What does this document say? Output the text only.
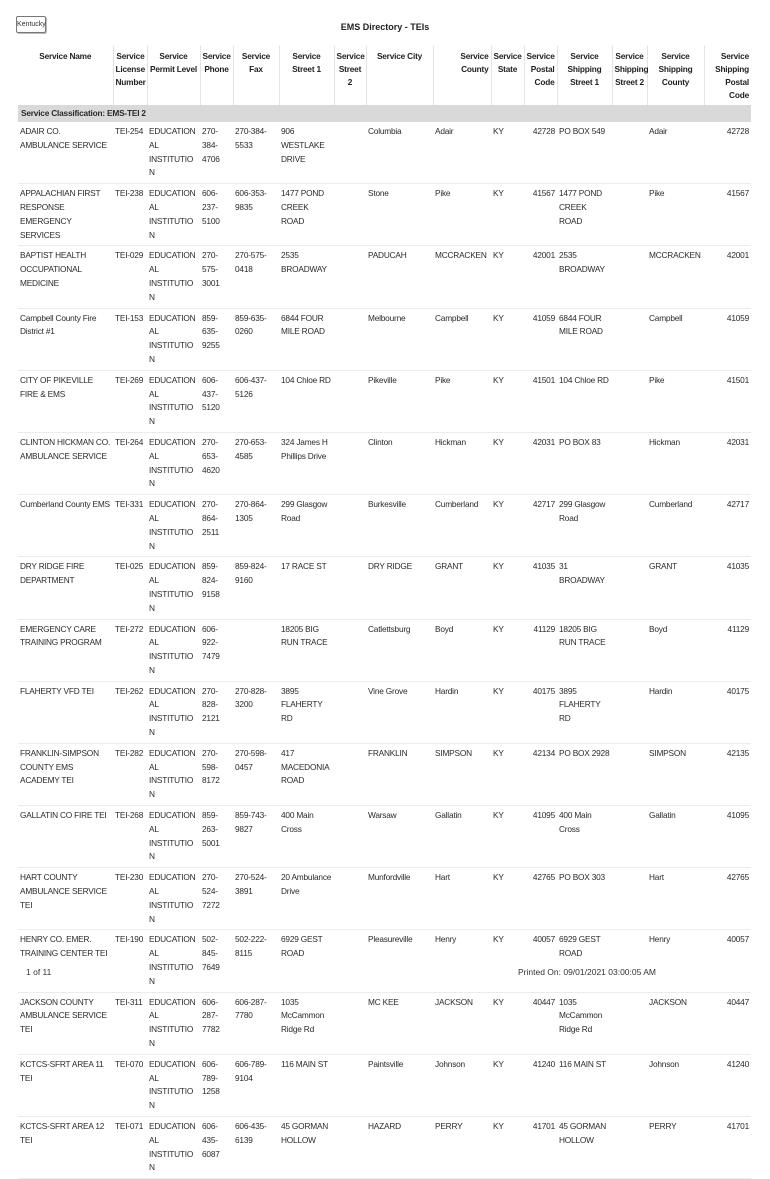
Kentucky	EMS Directory - TEIs
Service Name	Service License Number	Service Permit Level	Service Phone	Service Fax	Service Street 1	Service Street 2	Service City	Service County	Service State	Service Postal Code	Service Shipping Street 1	Service Shipping Street 2	Service Shipping County	Service Shipping Postal Code
Service Classification: EMS-TEI 2														
ADAIR CO. AMBULANCE SERVICE	TEI-254	EDUCATIONAL INSTITUTION	270-384-4706	270-384-5533	906 WESTLAKE DRIVE		Columbia	Adair	KY	42728	PO BOX 549		Adair	42728
APPALACHIAN FIRST RESPONSE EMERGENCY SERVICES	TEI-238	EDUCATIONAL INSTITUTION	606-237-5100	606-353-9835	1477 POND CREEK ROAD		Stone	Pike	KY	41567	1477 POND CREEK ROAD		Pike	41567
BAPTIST HEALTH OCCUPATIONAL MEDICINE	TEI-029	EDUCATIONAL INSTITUTION	270-575-3001	270-575-0418	2535 BROADWAY		PADUCAH	MCCRACKEN	KY	42001	2535 BROADWAY		MCCRACKEN	42001
Campbell County Fire District #1	TEI-153	EDUCATIONAL INSTITUTION	859-635-9255	859-635-0260	6844 FOUR MILE ROAD		Melbourne	Campbell	KY	41059	6844 FOUR MILE ROAD		Campbell	41059
CITY OF PIKEVILLE FIRE & EMS	TEI-269	EDUCATIONAL INSTITUTION	606-437-5120	606-437-5126	104 Chloe RD		Pikeville	Pike	KY	41501	104 Chloe RD		Pike	41501
CLINTON HICKMAN CO. AMBULANCE SERVICE	TEI-264	EDUCATIONAL INSTITUTION	270-653-4620	270-653-4585	324 James H Phillips Drive		Clinton	Hickman	KY	42031	PO BOX 83		Hickman	42031
Cumberland County EMS	TEI-331	EDUCATIONAL INSTITUTION	270-864-2511	270-864-1305	299 Glasgow Road		Burkesville	Cumberland	KY	42717	299 Glasgow Road		Cumberland	42717
DRY RIDGE FIRE DEPARTMENT	TEI-025	EDUCATIONAL INSTITUTION	859-824-9158	859-824-9160	17 RACE ST		DRY RIDGE	GRANT	KY	41035	31 BROADWAY		GRANT	41035
EMERGENCY CARE TRAINING PROGRAM	TEI-272	EDUCATIONAL INSTITUTION	606-922-7479		18205 BIG RUN TRACE		Catlettsburg	Boyd	KY	41129	18205 BIG RUN TRACE		Boyd	41129
FLAHERTY VFD TEI	TEI-262	EDUCATIONAL INSTITUTION	270-828-2121	270-828-3200	3895 FLAHERTY RD		Vine Grove	Hardin	KY	40175	3895 FLAHERTY RD		Hardin	40175
FRANKLIN-SIMPSON COUNTY EMS ACADEMY TEI	TEI-282	EDUCATIONAL INSTITUTION	270-598-8172	270-598-0457	417 MACEDONIA ROAD		FRANKLIN	SIMPSON	KY	42134	PO BOX 2928		SIMPSON	42135
GALLATIN CO FIRE TEI	TEI-268	EDUCATIONAL INSTITUTION	859-263-5001	859-743-9827	400 Main Cross		Warsaw	Gallatin	KY	41095	400 Main Cross		Gallatin	41095
HART COUNTY AMBULANCE SERVICE TEI	TEI-230	EDUCATIONAL INSTITUTION	270-524-7272	270-524-3891	20 Ambulance Drive		Munfordville	Hart	KY	42765	PO BOX 303		Hart	42765
HENRY CO. EMER. TRAINING CENTER TEI	TEI-190	EDUCATIONAL INSTITUTION	502-845-7649	502-222-8115	6929 GEST ROAD		Pleasureville	Henry	KY	40057	6929 GEST ROAD		Henry	40057
JACKSON COUNTY AMBULANCE SERVICE TEI	TEI-311	EDUCATIONAL INSTITUTION	606-287-7782	606-287-7780	1035 McCammon Ridge Rd		MC KEE	JACKSON	KY	40447	1035 McCammon Ridge Rd		JACKSON	40447
KCTCS-SFRT AREA 11 TEI	TEI-070	EDUCATIONAL INSTITUTION	606-789-1258	606-789-9104	116 MAIN ST		Paintsville	Johnson	KY	41240	116 MAIN ST		Johnson	41240
KCTCS-SFRT AREA 12 TEI	TEI-071	EDUCATIONAL INSTITUTION	606-435-6087	606-435-6139	45 GORMAN HOLLOW		HAZARD	PERRY	KY	41701	45 GORMAN HOLLOW		PERRY	41701
1 of 11	Printed On: 09/01/2021 03:00:05 AM
